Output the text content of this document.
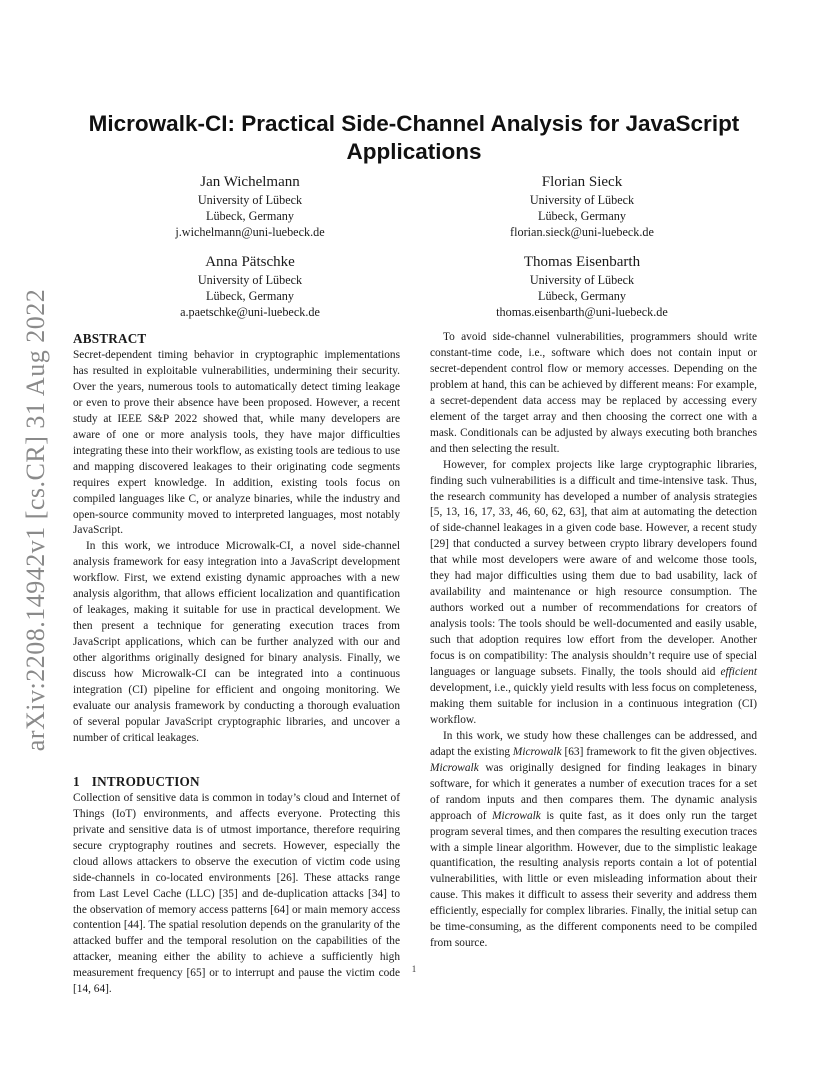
arXiv:2208.14942v1 [cs.CR] 31 Aug 2022
Microwalk-CI: Practical Side-Channel Analysis for JavaScript Applications
Jan Wichelmann
University of Lübeck
Lübeck, Germany
j.wichelmann@uni-luebeck.de
Florian Sieck
University of Lübeck
Lübeck, Germany
florian.sieck@uni-luebeck.de
Anna Pätschke
University of Lübeck
Lübeck, Germany
a.paetschke@uni-luebeck.de
Thomas Eisenbarth
University of Lübeck
Lübeck, Germany
thomas.eisenbarth@uni-luebeck.de
ABSTRACT

Secret-dependent timing behavior in cryptographic implementations has resulted in exploitable vulnerabilities, undermining their security. Over the years, numerous tools to automatically detect timing leakage or even to prove their absence have been proposed. However, a recent study at IEEE S&P 2022 showed that, while many developers are aware of one or more analysis tools, they have major difficulties integrating these into their workflow, as existing tools are tedious to use and mapping discovered leakages to their originating code segments requires expert knowledge. In addition, existing tools focus on compiled languages like C, or analyze binaries, while the industry and open-source community moved to interpreted languages, most notably JavaScript.

In this work, we introduce Microwalk-CI, a novel side-channel analysis framework for easy integration into a JavaScript development workflow. First, we extend existing dynamic approaches with a new analysis algorithm, that allows efficient localization and quantification of leakages, making it suitable for use in practical development. We then present a technique for generating execution traces from JavaScript applications, which can be further analyzed with our and other algorithms originally designed for binary analysis. Finally, we discuss how Microwalk-CI can be integrated into a continuous integration (CI) pipeline for efficient and ongoing monitoring. We evaluate our analysis framework by conducting a thorough evaluation of several popular JavaScript cryptographic libraries, and uncover a number of critical leakages.

1 INTRODUCTION

Collection of sensitive data is common in today’s cloud and Internet of Things (IoT) environments, and affects everyone. Protecting this private and sensitive data is of utmost importance, therefore requiring secure cryptography routines and secrets. However, especially the cloud allows attackers to observe the execution of victim code using side-channels in co-located environments [26]. These attacks range from Last Level Cache (LLC) [35] and de-duplication attacks [34] to the observation of memory access patterns [64] or main memory access contention [44]. The spatial resolution depends on the granularity of the attacked buffer and the temporal resolution on the capabilities of the attacker, meaning either the ability to achieve a sufficiently high measurement frequency [65] or to interrupt and pause the victim code [14, 64].

To avoid side-channel vulnerabilities, programmers should write constant-time code, i.e., software which does not contain input or secret-dependent control flow or memory accesses. Depending on the problem at hand, this can be achieved by different means: For example, a secret-dependent data access may be replaced by accessing every element of the target array and then choosing the correct one with a mask. Conditionals can be adjusted by always executing both branches and then selecting the result.

However, for complex projects like large cryptographic libraries, finding such vulnerabilities is a difficult and time-intensive task. Thus, the research community has developed a number of analysis strategies [5, 13, 16, 17, 33, 46, 60, 62, 63], that aim at automating the detection of side-channel leakages in a given code base. However, a recent study [29] that conducted a survey between crypto library developers found that while most developers were aware of and welcome those tools, they had major difficulties using them due to bad usability, lack of availability and maintenance or high resource consumption. The authors worked out a number of recommendations for creators of analysis tools: The tools should be well-documented and easily usable, such that adoption requires low effort from the developer. Another focus is on compatibility: The analysis shouldn’t require use of special languages or language subsets. Finally, the tools should aid efficient development, i.e., quickly yield results with less focus on completeness, making them suitable for inclusion in a continuous integration (CI) workflow.

In this work, we study how these challenges can be addressed, and adapt the existing Microwalk [63] framework to fit the given objectives. Microwalk was originally designed for finding leakages in binary software, for which it generates a number of execution traces for a set of random inputs and then compares them. The dynamic analysis approach of Microwalk is quite fast, as it does only run the target program several times, and then compares the resulting execution traces with a simple linear algorithm. However, due to the simplistic leakage quantification, the resulting analysis reports contain a lot of potential vulnerabilities, with little or even misleading information about their cause. This makes it difficult to assess their severity and address them efficiently, especially for complex libraries. Finally, the initial setup can be time-consuming, as the different components need to be compiled from source.

1
